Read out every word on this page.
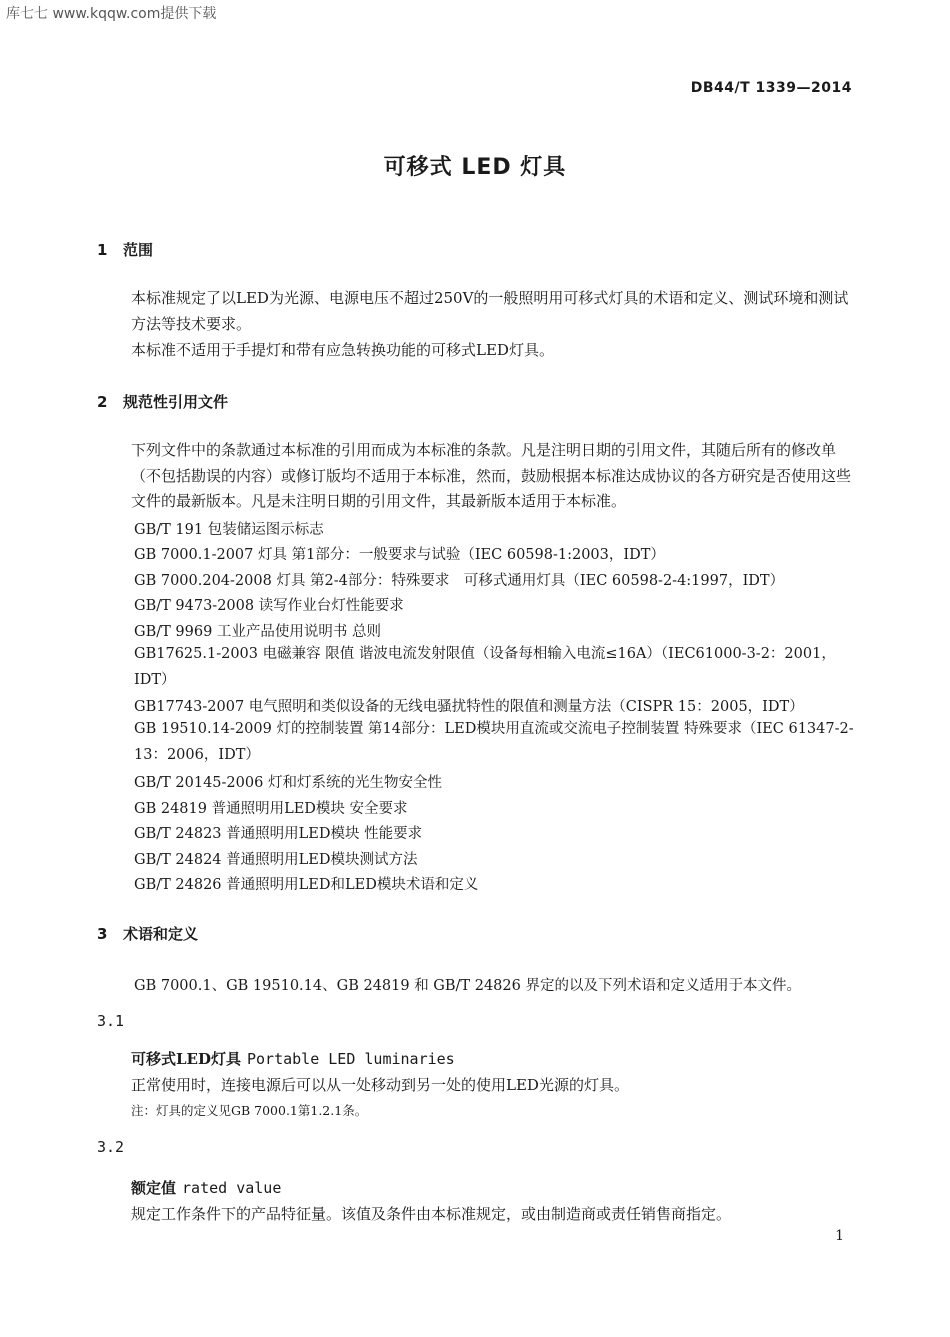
库七七 www.kqqw.com提供下载
DB44/T 1339—2014
可移式 LED 灯具
1 范围
本标准规定了以LED为光源、电源电压不超过250V的一般照明用可移式灯具的术语和定义、测试环境和测试方法等技术要求。
本标准不适用于手提灯和带有应急转换功能的可移式LED灯具。
2 规范性引用文件
下列文件中的条款通过本标准的引用而成为本标准的条款。凡是注明日期的引用文件，其随后所有的修改单（不包括勘误的内容）或修订版均不适用于本标准，然而，鼓励根据本标准达成协议的各方研究是否使用这些文件的最新版本。凡是未注明日期的引用文件，其最新版本适用于本标准。
GB/T 191 包装储运图示标志
GB 7000.1-2007 灯具 第1部分：一般要求与试验（IEC 60598-1:2003，IDT）
GB 7000.204-2008 灯具 第2-4部分：特殊要求　可移式通用灯具（IEC 60598-2-4:1997，IDT）
GB/T 9473-2008 读写作业台灯性能要求
GB/T 9969 工业产品使用说明书 总则
GB17625.1-2003 电磁兼容 限值 谐波电流发射限值（设备每相输入电流≤16A）（IEC61000-3-2：2001，IDT）
GB17743-2007 电气照明和类似设备的无线电骚扰特性的限值和测量方法（CISPR 15：2005，IDT）
GB 19510.14-2009 灯的控制装置 第14部分：LED模块用直流或交流电子控制装置 特殊要求（IEC 61347-2-13：2006，IDT）
GB/T 20145-2006 灯和灯系统的光生物安全性
GB 24819 普通照明用LED模块 安全要求
GB/T 24823 普通照明用LED模块 性能要求
GB/T 24824 普通照明用LED模块测试方法
GB/T 24826 普通照明用LED和LED模块术语和定义
3 术语和定义
GB 7000.1、GB 19510.14、GB 24819 和 GB/T 24826 界定的以及下列术语和定义适用于本文件。
3.1
可移式LED灯具 Portable LED luminaries
正常使用时，连接电源后可以从一处移动到另一处的使用LED光源的灯具。
注：灯具的定义见GB 7000.1第1.2.1条。
3.2
额定值 rated value
规定工作条件下的产品特征量。该值及条件由本标准规定，或由制造商或责任销售商指定。
1
